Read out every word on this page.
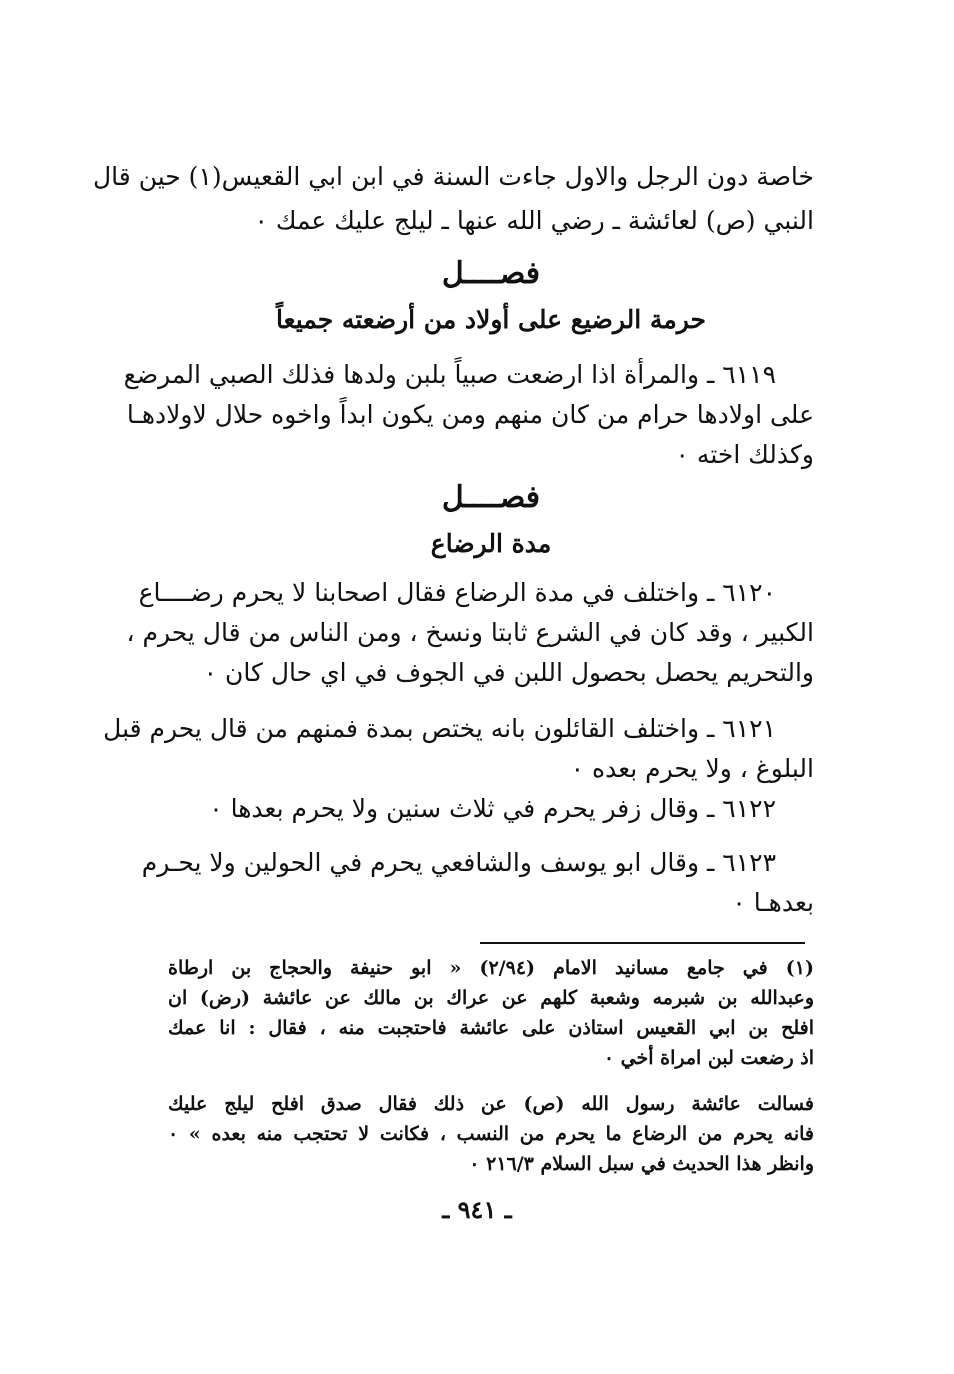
خاصة دون الرجل والاول جاءت السنة في ابن ابي القعيس(١) حين قال
النبي (ص) لعائشة ـ رضي الله عنها ـ ليلج عليك عمك ٠
فصــــل
حرمة الرضيع على أولاد من أرضعته جميعاً
٦١١٩ ـ والمرأة اذا ارضعت صبياً بلبن ولدها فذلك الصبي المرضع
على اولادها حرام من كان منهم ومن يكون ابداً واخوه حلال لاولادهـا
وكذلك اخته ٠
فصــــل
مدة الرضاع
٦١٢٠ ـ واختلف في مدة الرضاع فقال اصحابنا لا يحرم رضــــاع
الكبير ، وقد كان في الشرع ثابتا ونسخ ، ومن الناس من قال يحرم ،
والتحريم يحصل بحصول اللبن في الجوف في اي حال كان ٠
٦١٢١ ـ واختلف القائلون بانه يختص بمدة فمنهم من قال يحرم قبل
البلوغ ، ولا يحرم بعده ٠
٦١٢٢ ـ وقال زفر يحرم في ثلاث سنين ولا يحرم بعدها ٠
٦١٢٣ ـ وقال ابو يوسف والشافعي يحرم في الحولين ولا يحـرم
بعدهـا ٠
(١) في جامع مسانيد الامام (٢/٩٤) « ابو حنيفة والحجاج بن ارطاة
وعبدالله بن شبرمه وشعبة كلهم عن عراك بن مالك عن عائشة (رض) ان
افلح بن ابي القعيس استاذن على عائشة فاحتجبت منه ، فقال : انا عمك
اذ رضعت لبن امراة أخي ٠
فسالت عائشة رسول الله (ص) عن ذلك فقال صدق افلح ليلج عليك
فانه يحرم من الرضاع ما يحرم من النسب ، فكانت لا تحتجب منه بعده » ٠
وانظر هذا الحديث في سبل السلام ٢١٦/٣ ٠
ـ ٩٤١ ـ
